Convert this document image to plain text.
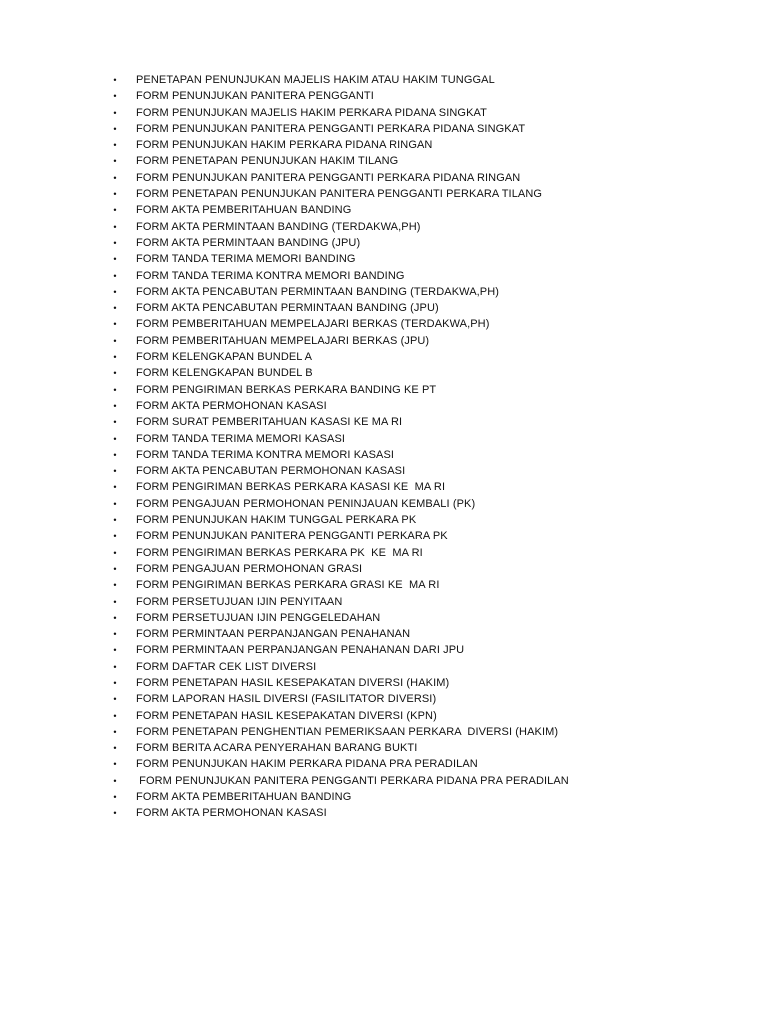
•	PENETAPAN PENUNJUKAN MAJELIS HAKIM ATAU HAKIM TUNGGAL
•	FORM PENUNJUKAN PANITERA PENGGANTI
•	FORM PENUNJUKAN MAJELIS HAKIM PERKARA PIDANA SINGKAT
•	FORM PENUNJUKAN PANITERA PENGGANTI PERKARA PIDANA SINGKAT
•	FORM PENUNJUKAN HAKIM PERKARA PIDANA RINGAN
•	FORM PENETAPAN PENUNJUKAN HAKIM TILANG
•	FORM PENUNJUKAN PANITERA PENGGANTI PERKARA PIDANA RINGAN
•	FORM PENETAPAN PENUNJUKAN PANITERA PENGGANTI PERKARA TILANG
•	FORM AKTA PEMBERITAHUAN BANDING
•	FORM AKTA PERMINTAAN BANDING (TERDAKWA,PH)
•	FORM AKTA PERMINTAAN BANDING (JPU)
•	FORM TANDA TERIMA MEMORI BANDING
•	FORM TANDA TERIMA KONTRA MEMORI BANDING
•	FORM AKTA PENCABUTAN PERMINTAAN BANDING (TERDAKWA,PH)
•	FORM AKTA PENCABUTAN PERMINTAAN BANDING (JPU)
•	FORM PEMBERITAHUAN MEMPELAJARI BERKAS (TERDAKWA,PH)
•	FORM PEMBERITAHUAN MEMPELAJARI BERKAS (JPU)
•	FORM KELENGKAPAN BUNDEL A
•	FORM KELENGKAPAN BUNDEL B
•	FORM PENGIRIMAN BERKAS PERKARA BANDING KE PT
•	FORM AKTA PERMOHONAN KASASI
•	FORM SURAT PEMBERITAHUAN KASASI KE MA RI
•	FORM TANDA TERIMA MEMORI KASASI
•	FORM TANDA TERIMA KONTRA MEMORI KASASI
•	FORM AKTA PENCABUTAN PERMOHONAN KASASI
•	FORM PENGIRIMAN BERKAS PERKARA KASASI KE  MA RI
•	FORM PENGAJUAN PERMOHONAN PENINJAUAN KEMBALI (PK)
•	FORM PENUNJUKAN HAKIM TUNGGAL PERKARA PK
•	FORM PENUNJUKAN PANITERA PENGGANTI PERKARA PK
•	FORM PENGIRIMAN BERKAS PERKARA PK  KE  MA RI
•	FORM PENGAJUAN PERMOHONAN GRASI
•	FORM PENGIRIMAN BERKAS PERKARA GRASI KE  MA RI
•	FORM PERSETUJUAN IJIN PENYITAAN
•	FORM PERSETUJUAN IJIN PENGGELEDAHAN
•	FORM PERMINTAAN PERPANJANGAN PENAHANAN
•	FORM PERMINTAAN PERPANJANGAN PENAHANAN DARI JPU
•	FORM DAFTAR CEK LIST DIVERSI
•	FORM PENETAPAN HASIL KESEPAKATAN DIVERSI (HAKIM)
•	FORM LAPORAN HASIL DIVERSI (FASILITATOR DIVERSI)
•	FORM PENETAPAN HASIL KESEPAKATAN DIVERSI (KPN)
•	FORM PENETAPAN PENGHENTIAN PEMERIKSAAN PERKARA  DIVERSI (HAKIM)
•	FORM BERITA ACARA PENYERAHAN BARANG BUKTI
•	FORM PENUNJUKAN HAKIM PERKARA PIDANA PRA PERADILAN
•	FORM PENUNJUKAN PANITERA PENGGANTI PERKARA PIDANA PRA PERADILAN
•	FORM AKTA PEMBERITAHUAN BANDING
•	FORM AKTA PERMOHONAN KASASI
